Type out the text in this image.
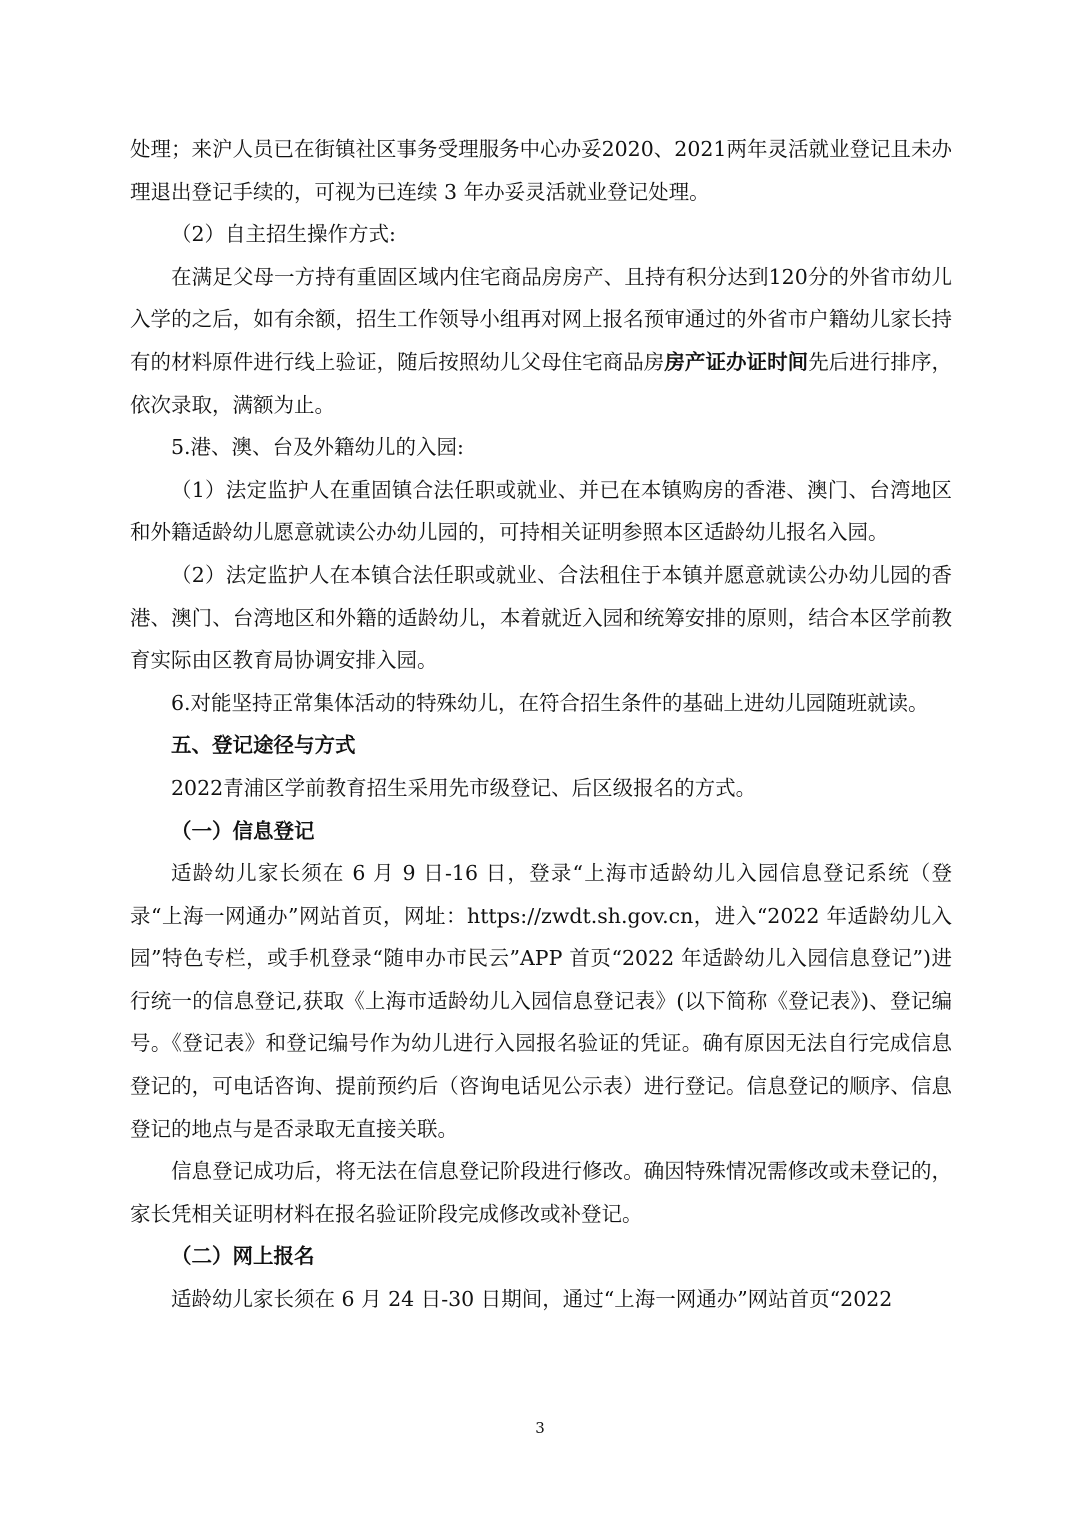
处理；来沪人员已在街镇社区事务受理服务中心办妥2020、2021两年灵活就业登记且未办理退出登记手续的，可视为已连续 3 年办妥灵活就业登记处理。

（2）自主招生操作方式:

在满足父母一方持有重固区域内住宅商品房房产、且持有积分达到120分的外省市幼儿入学的之后，如有余额，招生工作领导小组再对网上报名预审通过的外省市户籍幼儿家长持有的材料原件进行线上验证，随后按照幼儿父母住宅商品房房产证办证时间先后进行排序，依次录取，满额为止。

5.港、澳、台及外籍幼儿的入园:

（1）法定监护人在重固镇合法任职或就业、并已在本镇购房的香港、澳门、台湾地区和外籍适龄幼儿愿意就读公办幼儿园的，可持相关证明参照本区适龄幼儿报名入园。

（2）法定监护人在本镇合法任职或就业、合法租住于本镇并愿意就读公办幼儿园的香港、澳门、台湾地区和外籍的适龄幼儿，本着就近入园和统筹安排的原则，结合本区学前教育实际由区教育局协调安排入园。

6.对能坚持正常集体活动的特殊幼儿，在符合招生条件的基础上进幼儿园随班就读。

五、登记途径与方式

2022青浦区学前教育招生采用先市级登记、后区级报名的方式。

（一）信息登记

适龄幼儿家长须在 6 月 9 日-16 日，登录“上海市适龄幼儿入园信息登记系统（登录“上海一网通办”网站首页，网址：https://zwdt.sh.gov.cn，进入“2022 年适龄幼儿入园”特色专栏，或手机登录“随申办市民云”APP 首页“2022 年适龄幼儿入园信息登记”)进行统一的信息登记,获取《上海市适龄幼儿入园信息登记表》(以下简称《登记表》)、登记编号。《登记表》和登记编号作为幼儿进行入园报名验证的凭证。确有原因无法自行完成信息登记的，可电话咨询、提前预约后（咨询电话见公示表）进行登记。信息登记的顺序、信息登记的地点与是否录取无直接关联。

信息登记成功后，将无法在信息登记阶段进行修改。确因特殊情况需修改或未登记的，家长凭相关证明材料在报名验证阶段完成修改或补登记。

（二）网上报名

适龄幼儿家长须在 6 月 24 日-30 日期间，通过“上海一网通办”网站首页“2022

3
